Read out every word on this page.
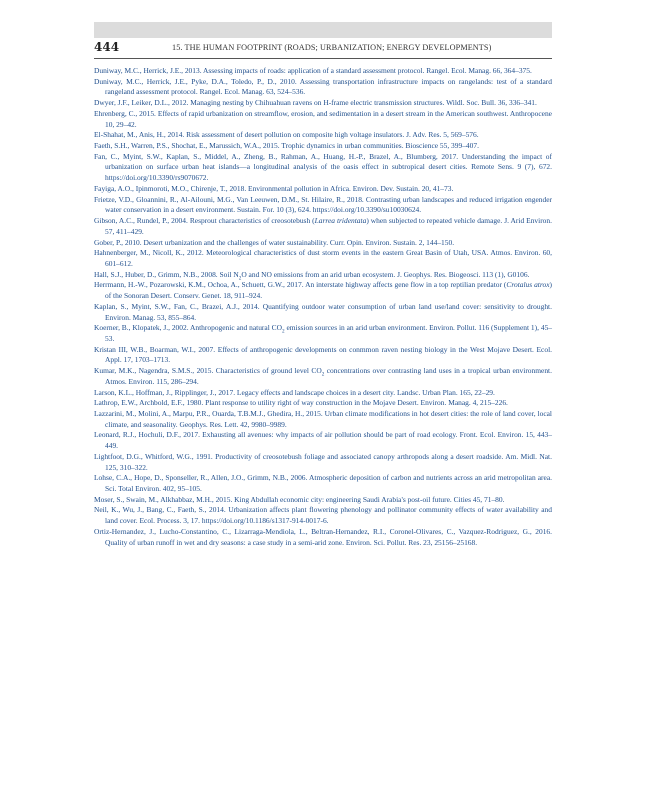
444	15. THE HUMAN FOOTPRINT (ROADS; URBANIZATION; ENERGY DEVELOPMENTS)
Duniway, M.C., Herrick, J.E., 2013. Assessing impacts of roads: application of a standard assessment protocol. Rangel. Ecol. Manag. 66, 364–375.
Duniway, M.C., Herrick, J.E., Pyke, D.A., Toledo, P., D., 2010. Assessing transportation infrastructure impacts on rangelands: test of a standard rangeland assessment protocol. Rangel. Ecol. Manag. 63, 524–536.
Dwyer, J.F., Leiker, D.L., 2012. Managing nesting by Chihuahuan ravens on H-frame electric transmission structures. Wildl. Soc. Bull. 36, 336–341.
Ehrenberg, C., 2015. Effects of rapid urbanization on streamflow, erosion, and sedimentation in a desert stream in the American southwest. Anthropocene 10, 29–42.
El-Shahat, M., Anis, H., 2014. Risk assessment of desert pollution on composite high voltage insulators. J. Adv. Res. 5, 569–576.
Faeth, S.H., Warren, P.S., Shochat, E., Marussich, W.A., 2015. Trophic dynamics in urban communities. Bioscience 55, 399–407.
Fan, C., Myint, S.W., Kaplan, S., Middel, A., Zheng, B., Rahman, A., Huang, H.-P., Brazel, A., Blumberg, 2017. Understanding the impact of urbanization on surface urban heat islands—a longitudinal analysis of the oasis effect in subtropical desert cities. Remote Sens. 9 (7), 672. https://doi.org/10.3390/rs9070672.
Fayiga, A.O., Ipinmoroti, M.O., Chirenje, T., 2018. Environmental pollution in Africa. Environ. Dev. Sustain. 20, 41–73.
Frietze, V.D., Gloannini, R., Al-Ailouni, M.G., Van Leeuwen, D.M., St. Hilaire, R., 2018. Contrasting urban landscapes and reduced irrigation engender water conservation in a desert environment. Sustain. For. 10 (3), 624. https://doi.org/10.3390/su10030624.
Gibson, A.C., Rundel, P., 2004. Resprout characteristics of creosotebush (Larrea tridentata) when subjected to repeated vehicle damage. J. Arid Environ. 57, 411–429.
Gober, P., 2010. Desert urbanization and the challenges of water sustainability. Curr. Opin. Environ. Sustain. 2, 144–150.
Hahnenberger, M., Nicoll, K., 2012. Meteorological characteristics of dust storm events in the eastern Great Basin of Utah, USA. Atmos. Environ. 60, 601–612.
Hall, S.J., Huber, D., Grimm, N.B., 2008. Soil $N_2O$ and NO emissions from an arid urban ecosystem. J. Geophys. Res. Biogeosci. 113 (1), G0106.
Herrmann, H.-W., Pozarowski, K.M., Ochoa, A., Schuett, G.W., 2017. An interstate highway affects gene flow in a top reptilian predator (Crotalus atrox) of the Sonoran Desert. Conserv. Genet. 18, 911–924.
Kaplan, S., Myint, S.W., Fan, C., Brazei, A.J., 2014. Quantifying outdoor water consumption of urban land use/land cover: sensitivity to drought. Environ. Manag. 53, 855–864.
Koerner, B., Klopatek, J., 2002. Anthropogenic and natural $CO_2$ emission sources in an arid urban environment. Environ. Pollut. 116 (Supplement 1), 45–53.
Kristan III, W.B., Boarman, W.I., 2007. Effects of anthropogenic developments on conmmon raven nesting biology in the West Mojave Desert. Ecol. Appl. 17, 1703–1713.
Kumar, M.K., Nagendra, S.M.S., 2015. Characteristics of ground level $CO_2$ concentrations over contrasting land uses in a tropical urban environment. Atmos. Environ. 115, 286–294.
Larson, K.L., Hoffman, J., Ripplinger, J., 2017. Legacy effects and landscape choices in a desert city. Landsc. Urban Plan. 165, 22–29.
Lathrop, E.W., Archbold, E.F., 1980. Plant response to utility right of way construction in the Mojave Desert. Environ. Manag. 4, 215–226.
Lazzarini, M., Molini, A., Marpu, P.R., Ouarda, T.B.M.J., Ghedira, H., 2015. Urban climate modifications in hot desert cities: the role of land cover, local climate, and seasonality. Geophys. Res. Lett. 42, 9980–9989.
Leonard, R.J., Hochuli, D.F., 2017. Exhausting all avenues: why impacts of air pollution should be part of road ecology. Front. Ecol. Environ. 15, 443–449.
Lightfoot, D.G., Whitford, W.G., 1991. Productivity of creosotebush foliage and associated canopy arthropods along a desert roadside. Am. Midl. Nat. 125, 310–322.
Lohse, C.A., Hope, D., Sponseller, R., Allen, J.O., Grimm, N.B., 2006. Atmospheric deposition of carbon and nutrients across an arid metropolitan area. Sci. Total Environ. 402, 95–105.
Moser, S., Swain, M., Alkhabbaz, M.H., 2015. King Abdullah economic city: engineering Saudi Arabia's post-oil future. Cities 45, 71–80.
Neil, K., Wu, J., Bang, C., Faeth, S., 2014. Urbanization affects plant flowering phenology and pollinator community effects of water availability and land cover. Ecol. Process. 3, 17. https://doi.org/10.1186/s1317-914-0017-6.
Ortiz-Hernandez, J., Lucho-Constantino, C., Lizarraga-Mendiola, L., Beltran-Hernandez, R.I., Coronel-Olivares, C., Vazquez-Rodriguez, G., 2016. Quality of urban runoff in wet and dry seasons: a case study in a semi-arid zone. Environ. Sci. Pollut. Res. 23, 25156–25168.
